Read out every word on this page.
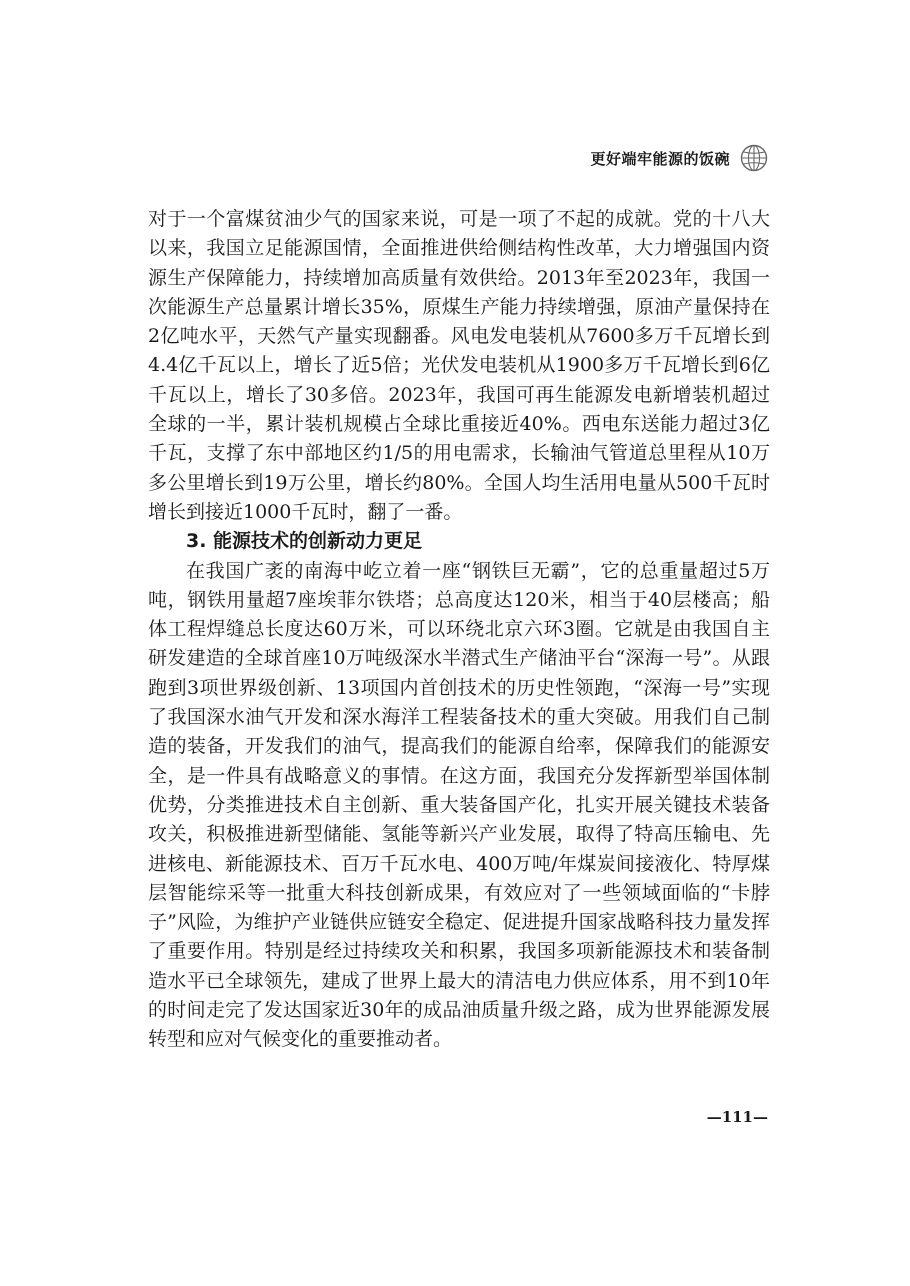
更好端牢能源的饭碗

对于一个富煤贫油少气的国家来说，可是一项了不起的成就。党的十八大以来，我国立足能源国情，全面推进供给侧结构性改革，大力增强国内资源生产保障能力，持续增加高质量有效供给。2013年至2023年，我国一次能源生产总量累计增长35%，原煤生产能力持续增强，原油产量保持在2亿吨水平，天然气产量实现翻番。风电发电装机从7600多万千瓦增长到4.4亿千瓦以上，增长了近5倍；光伏发电装机从1900多万千瓦增长到6亿千瓦以上，增长了30多倍。2023年，我国可再生能源发电新增装机超过全球的一半，累计装机规模占全球比重接近40%。西电东送能力超过3亿千瓦，支撑了东中部地区约1/5的用电需求，长输油气管道总里程从10万多公里增长到19万公里，增长约80%。全国人均生活用电量从500千瓦时增长到接近1000千瓦时，翻了一番。

3. 能源技术的创新动力更足

在我国广袤的南海中屹立着一座“钢铁巨无霸”，它的总重量超过5万吨，钢铁用量超7座埃菲尔铁塔；总高度达120米，相当于40层楼高；船体工程焊缝总长度达60万米，可以环绕北京六环3圈。它就是由我国自主研发建造的全球首座10万吨级深水半潜式生产储油平台“深海一号”。从跟跑到3项世界级创新、13项国内首创技术的历史性领跑，“深海一号”实现了我国深水油气开发和深水海洋工程装备技术的重大突破。用我们自己制造的装备，开发我们的油气，提高我们的能源自给率，保障我们的能源安全，是一件具有战略意义的事情。在这方面，我国充分发挥新型举国体制优势，分类推进技术自主创新、重大装备国产化，扎实开展关键技术装备攻关，积极推进新型储能、氢能等新兴产业发展，取得了特高压输电、先进核电、新能源技术、百万千瓦水电、400万吨/年煤炭间接液化、特厚煤层智能综采等一批重大科技创新成果，有效应对了一些领域面临的“卡脖子”风险，为维护产业链供应链安全稳定、促进提升国家战略科技力量发挥了重要作用。特别是经过持续攻关和积累，我国多项新能源技术和装备制造水平已全球领先，建成了世界上最大的清洁电力供应体系，用不到10年的时间走完了发达国家近30年的成品油质量升级之路，成为世界能源发展转型和应对气候变化的重要推动者。

—111—
